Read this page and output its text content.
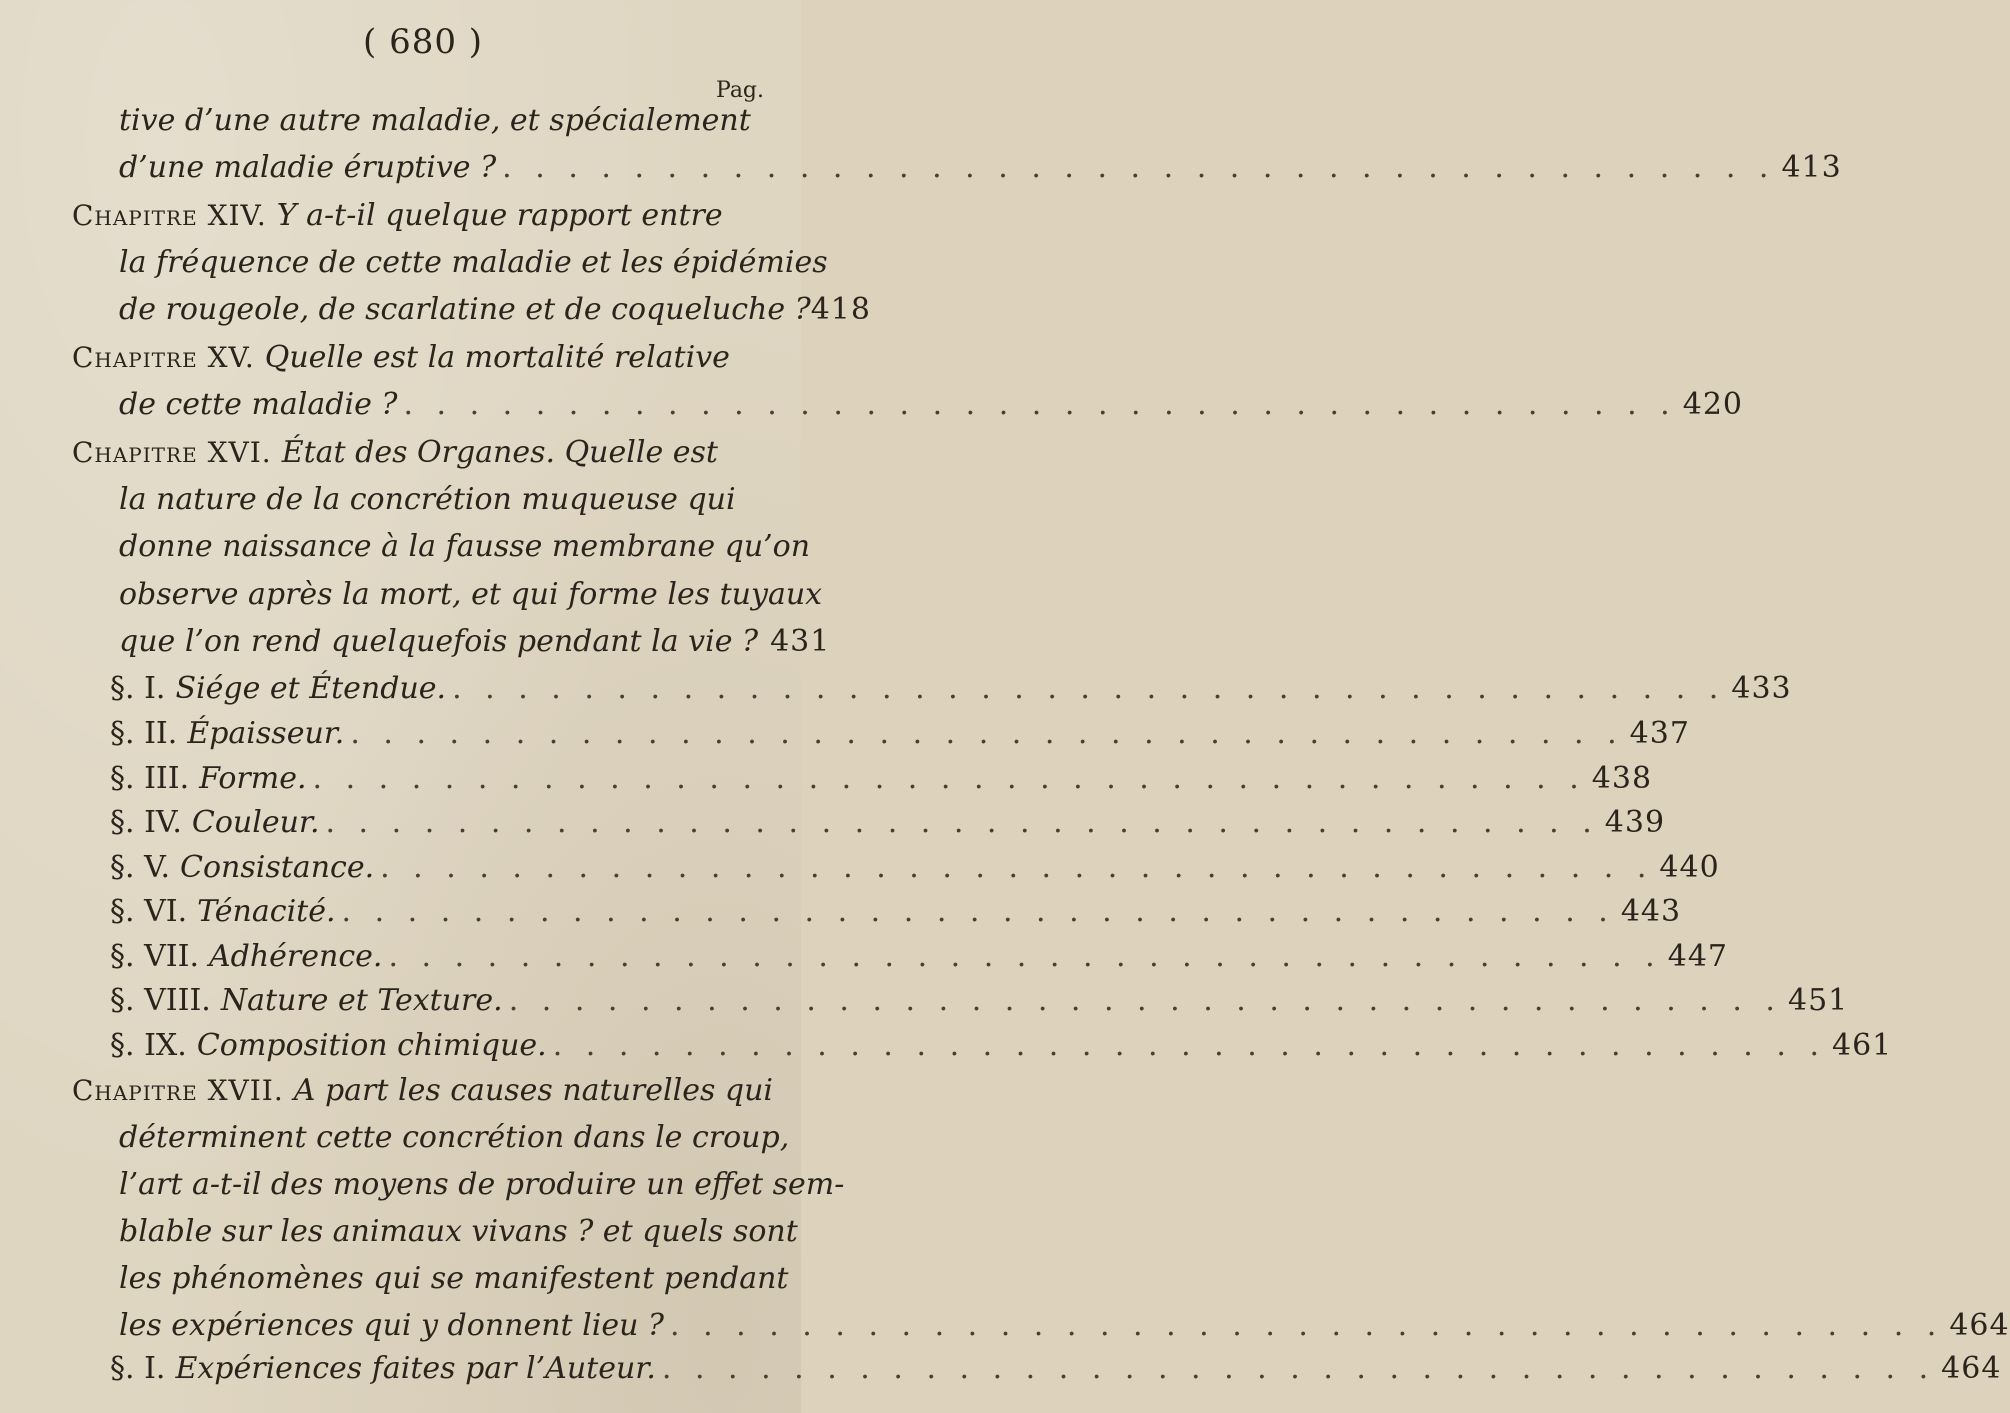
( 680 )
Pag.
tive d’une autre maladie, et spécialement
d’une maladie éruptive ? . . . . . . . . . . . . . . . . . . . . . . . . . . . . . . . . . . . . . . . 413
Chapitre XIV. Y a-t-il quelque rapport entre
la fréquence de cette maladie et les épidémies
de rougeole, de scarlatine et de coqueluche ? 418
Chapitre XV. Quelle est la mortalité relative
de cette maladie ? . . . . . . . . . . . . . . . . . . . . . . . . . . . . . . . . . . . . . . . 420
Chapitre XVI. État des Organes. Quelle est
la nature de la concrétion muqueuse qui
donne naissance à la fausse membrane qu’on
observe après la mort, et qui forme les tuyaux
que l’on rend quelquefois pendant la vie ? 431
§. I. Siége et Étendue. . . . . . . . . . . . . . . . . . . . . . . . . . . . . . . . . . . . . . . . 433
§. II. Épaisseur. . . . . . . . . . . . . . . . . . . . . . . . . . . . . . . . . . . . . . . . 437
§. III. Forme. . . . . . . . . . . . . . . . . . . . . . . . . . . . . . . . . . . . . . . . 438
§. IV. Couleur. . . . . . . . . . . . . . . . . . . . . . . . . . . . . . . . . . . . . . . . 439
§. V. Consistance. . . . . . . . . . . . . . . . . . . . . . . . . . . . . . . . . . . . . . . . 440
§. VI. Ténacité. . . . . . . . . . . . . . . . . . . . . . . . . . . . . . . . . . . . . . . . 443
§. VII. Adhérence. . . . . . . . . . . . . . . . . . . . . . . . . . . . . . . . . . . . . . . . 447
§. VIII. Nature et Texture. . . . . . . . . . . . . . . . . . . . . . . . . . . . . . . . . . . . . . . . 451
§. IX. Composition chimique. . . . . . . . . . . . . . . . . . . . . . . . . . . . . . . . . . . . . . . . 461
Chapitre XVII. A part les causes naturelles qui
déterminent cette concrétion dans le croup,
l’art a-t-il des moyens de produire un effet sem-
blable sur les animaux vivans ? et quels sont
les phénomènes qui se manifestent pendant
les expériences qui y donnent lieu ? . . . . . . . . . . . . . . . . . . . . . . . . . . . . . . . . . . . . . . . 464
§. I. Expériences faites par l’Auteur. . . . . . . . . . . . . . . . . . . . . . . . . . . . . . . . . . . . . . . . 464
